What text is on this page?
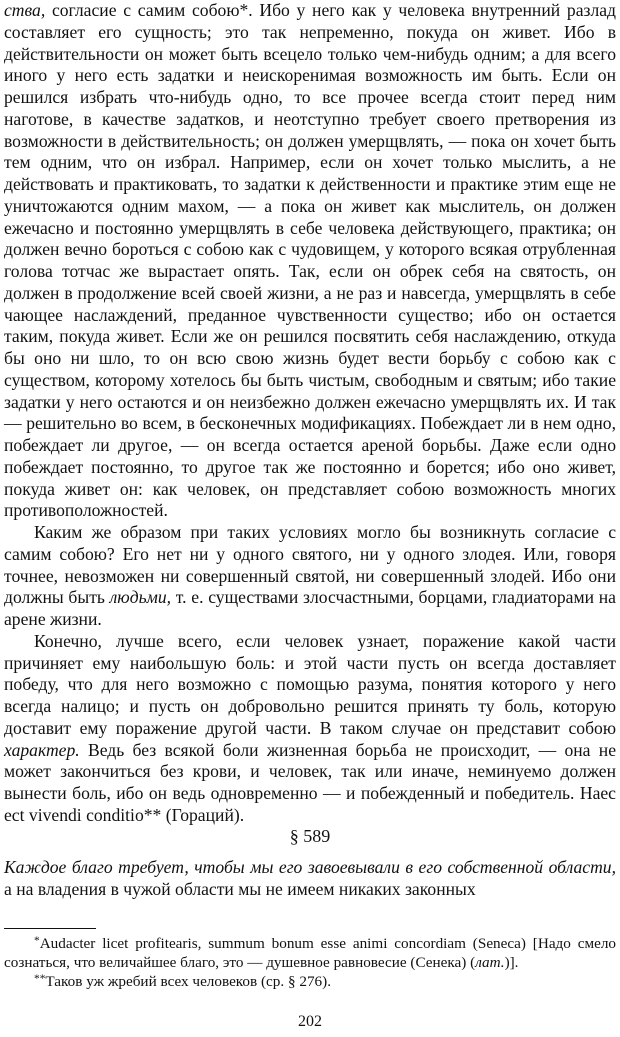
ства, согласие с самим собою*. Ибо у него как у человека внутренний разлад составляет его сущность; это так непременно, покуда он живет. Ибо в действительности он может быть всецело только чем-нибудь одним; а для всего иного у него есть задатки и неискоренимая возможность им быть. Если он решился избрать что-нибудь одно, то все прочее всегда стоит перед ним наготове, в качестве задатков, и неотступно требует своего претворения из возможности в действительность; он должен умерщвлять, — пока он хочет быть тем одним, что он избрал. Например, если он хочет только мыслить, а не действовать и практиковать, то задатки к действенности и практике этим еще не уничтожаются одним махом, — а пока он живет как мыслитель, он должен ежечасно и постоянно умерщвлять в себе человека действующего, практика; он должен вечно бороться с собою как с чудовищем, у которого всякая отрубленная голова тотчас же вырастает опять. Так, если он обрек себя на святость, он должен в продолжение всей своей жизни, а не раз и навсегда, умерщвлять в себе чающее наслаждений, преданное чувственности существо; ибо он остается таким, покуда живет. Если же он решился посвятить себя наслаждению, откуда бы оно ни шло, то он всю свою жизнь будет вести борьбу с собою как с существом, которому хотелось бы быть чистым, свободным и святым; ибо такие задатки у него остаются и он неизбежно должен ежечасно умерщвлять их. И так — решительно во всем, в бесконечных модификациях. Побеждает ли в нем одно, побеждает ли другое, — он всегда остается ареной борьбы. Даже если одно побеждает постоянно, то другое так же постоянно и борется; ибо оно живет, покуда живет он: как человек, он представляет собою возможность многих противоположностей.

Каким же образом при таких условиях могло бы возникнуть согласие с самим собою? Его нет ни у одного святого, ни у одного злодея. Или, говоря точнее, невозможен ни совершенный святой, ни совершенный злодей. Ибо они должны быть людьми, т. е. существами злосчастными, борцами, гладиаторами на арене жизни.

Конечно, лучше всего, если человек узнает, поражение какой части причиняет ему наибольшую боль: и этой части пусть он всегда доставляет победу, что для него возможно с помощью разума, понятия которого у него всегда налицо; и пусть он добровольно решится принять ту боль, которую доставит ему поражение другой части. В таком случае он представит собою характер. Ведь без всякой боли жизненная борьба не происходит, — она не может закончиться без крови, и человек, так или иначе, неминуемо должен вынести боль, ибо он ведь одновременно — и побежденный и победитель. Haec ect vivendi conditio** (Гораций).

§ 589

Каждое благо требует, чтобы мы его завоевывали в его собственной области, а на владения в чужой области мы не имеем никаких законных

*Audacter licet profitearis, summum bonum esse animi concordiam (Seneca) [Надо смело сознаться, что величайшее благо, это — душевное равновесие (Сенека) (лат.)].

**Таков уж жребий всех человеков (ср. § 276).

202
